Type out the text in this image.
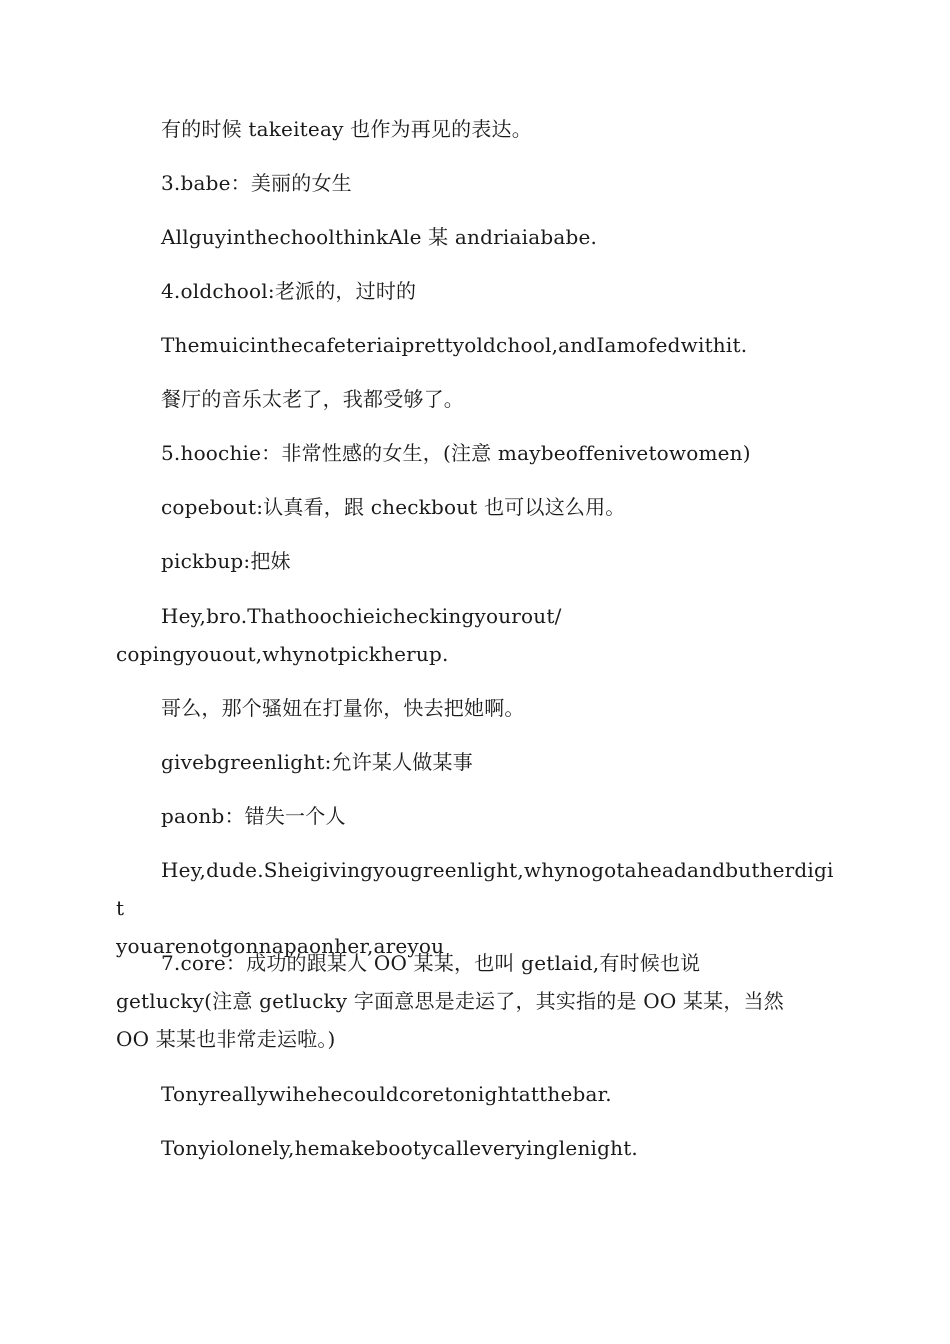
有的时候 takeiteay 也作为再见的表达。

3.babe：美丽的女生

AllguyinthechoolthinkAle 某 andriaiababe.

4.oldchool:老派的，过时的

Themuicinthecafeteriaiprettyoldchool,andIamofedwithit.

餐厅的音乐太老了，我都受够了。

5.hoochie：非常性感的女生，(注意 maybeoffenivetowomen)

copebout:认真看，跟 checkbout 也可以这么用。

pickbup:把妹

Hey,bro.Thathoochieicheckingyourout/
copingyouout,whynotpickherup.

哥么，那个骚妞在打量你，快去把她啊。

givebgreenlight:允许某人做某事

paonb：错失一个人

Hey,dude.Sheigivingyougreenlight,whynogotaheadandbutherdigit
youarenotgonnapaonher,areyou

7.core：成功的跟某人 OO 某某，也叫 getlaid,有时候也说
getlucky(注意 getlucky 字面意思是走运了，其实指的是 OO 某某，当然
OO 某某也非常走运啦。)

Tonyreallywihehecouldcoretonightatthebar.

Tonyiolonely,hemakebootycalleveryinglenight.
